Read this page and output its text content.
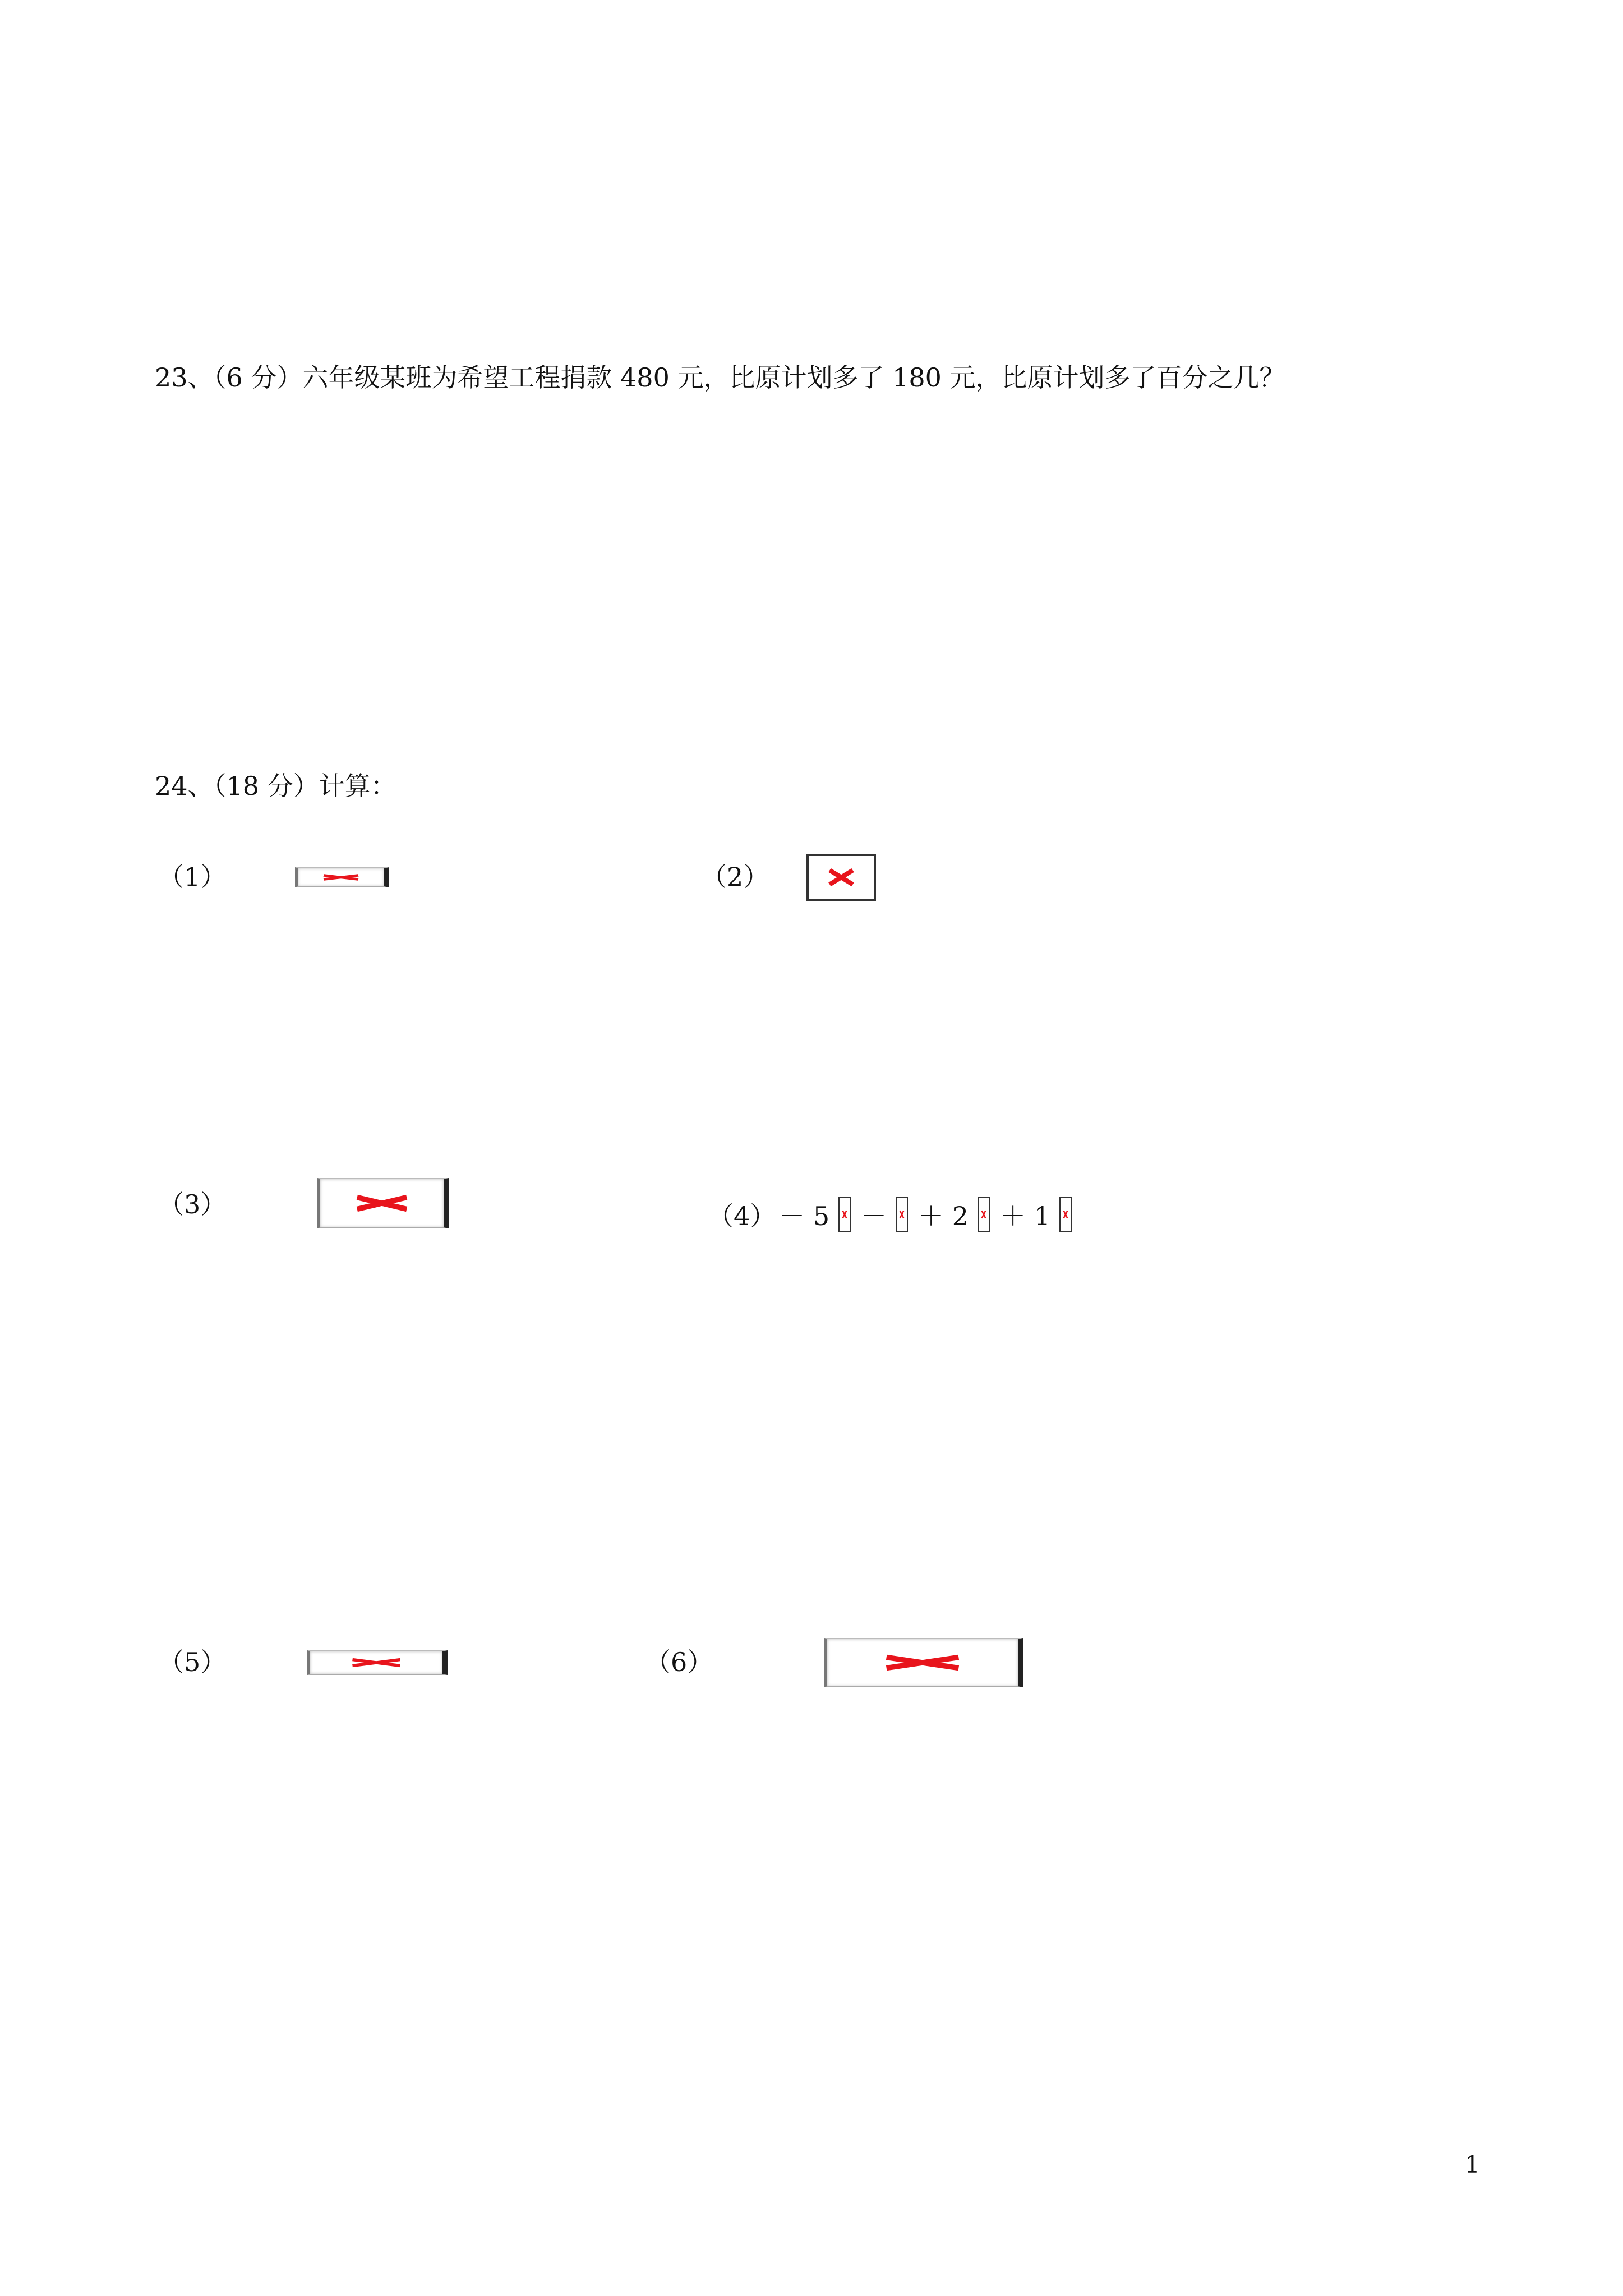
23、（6 分）六年级某班为希望工程捐款 480 元，比原计划多了 180 元，比原计划多了百分之几？
24、（18 分）计算：
（1）	（2）
（3）	（4） － 5 － ＋ 2 ＋ 1
（5）	（6）
1
